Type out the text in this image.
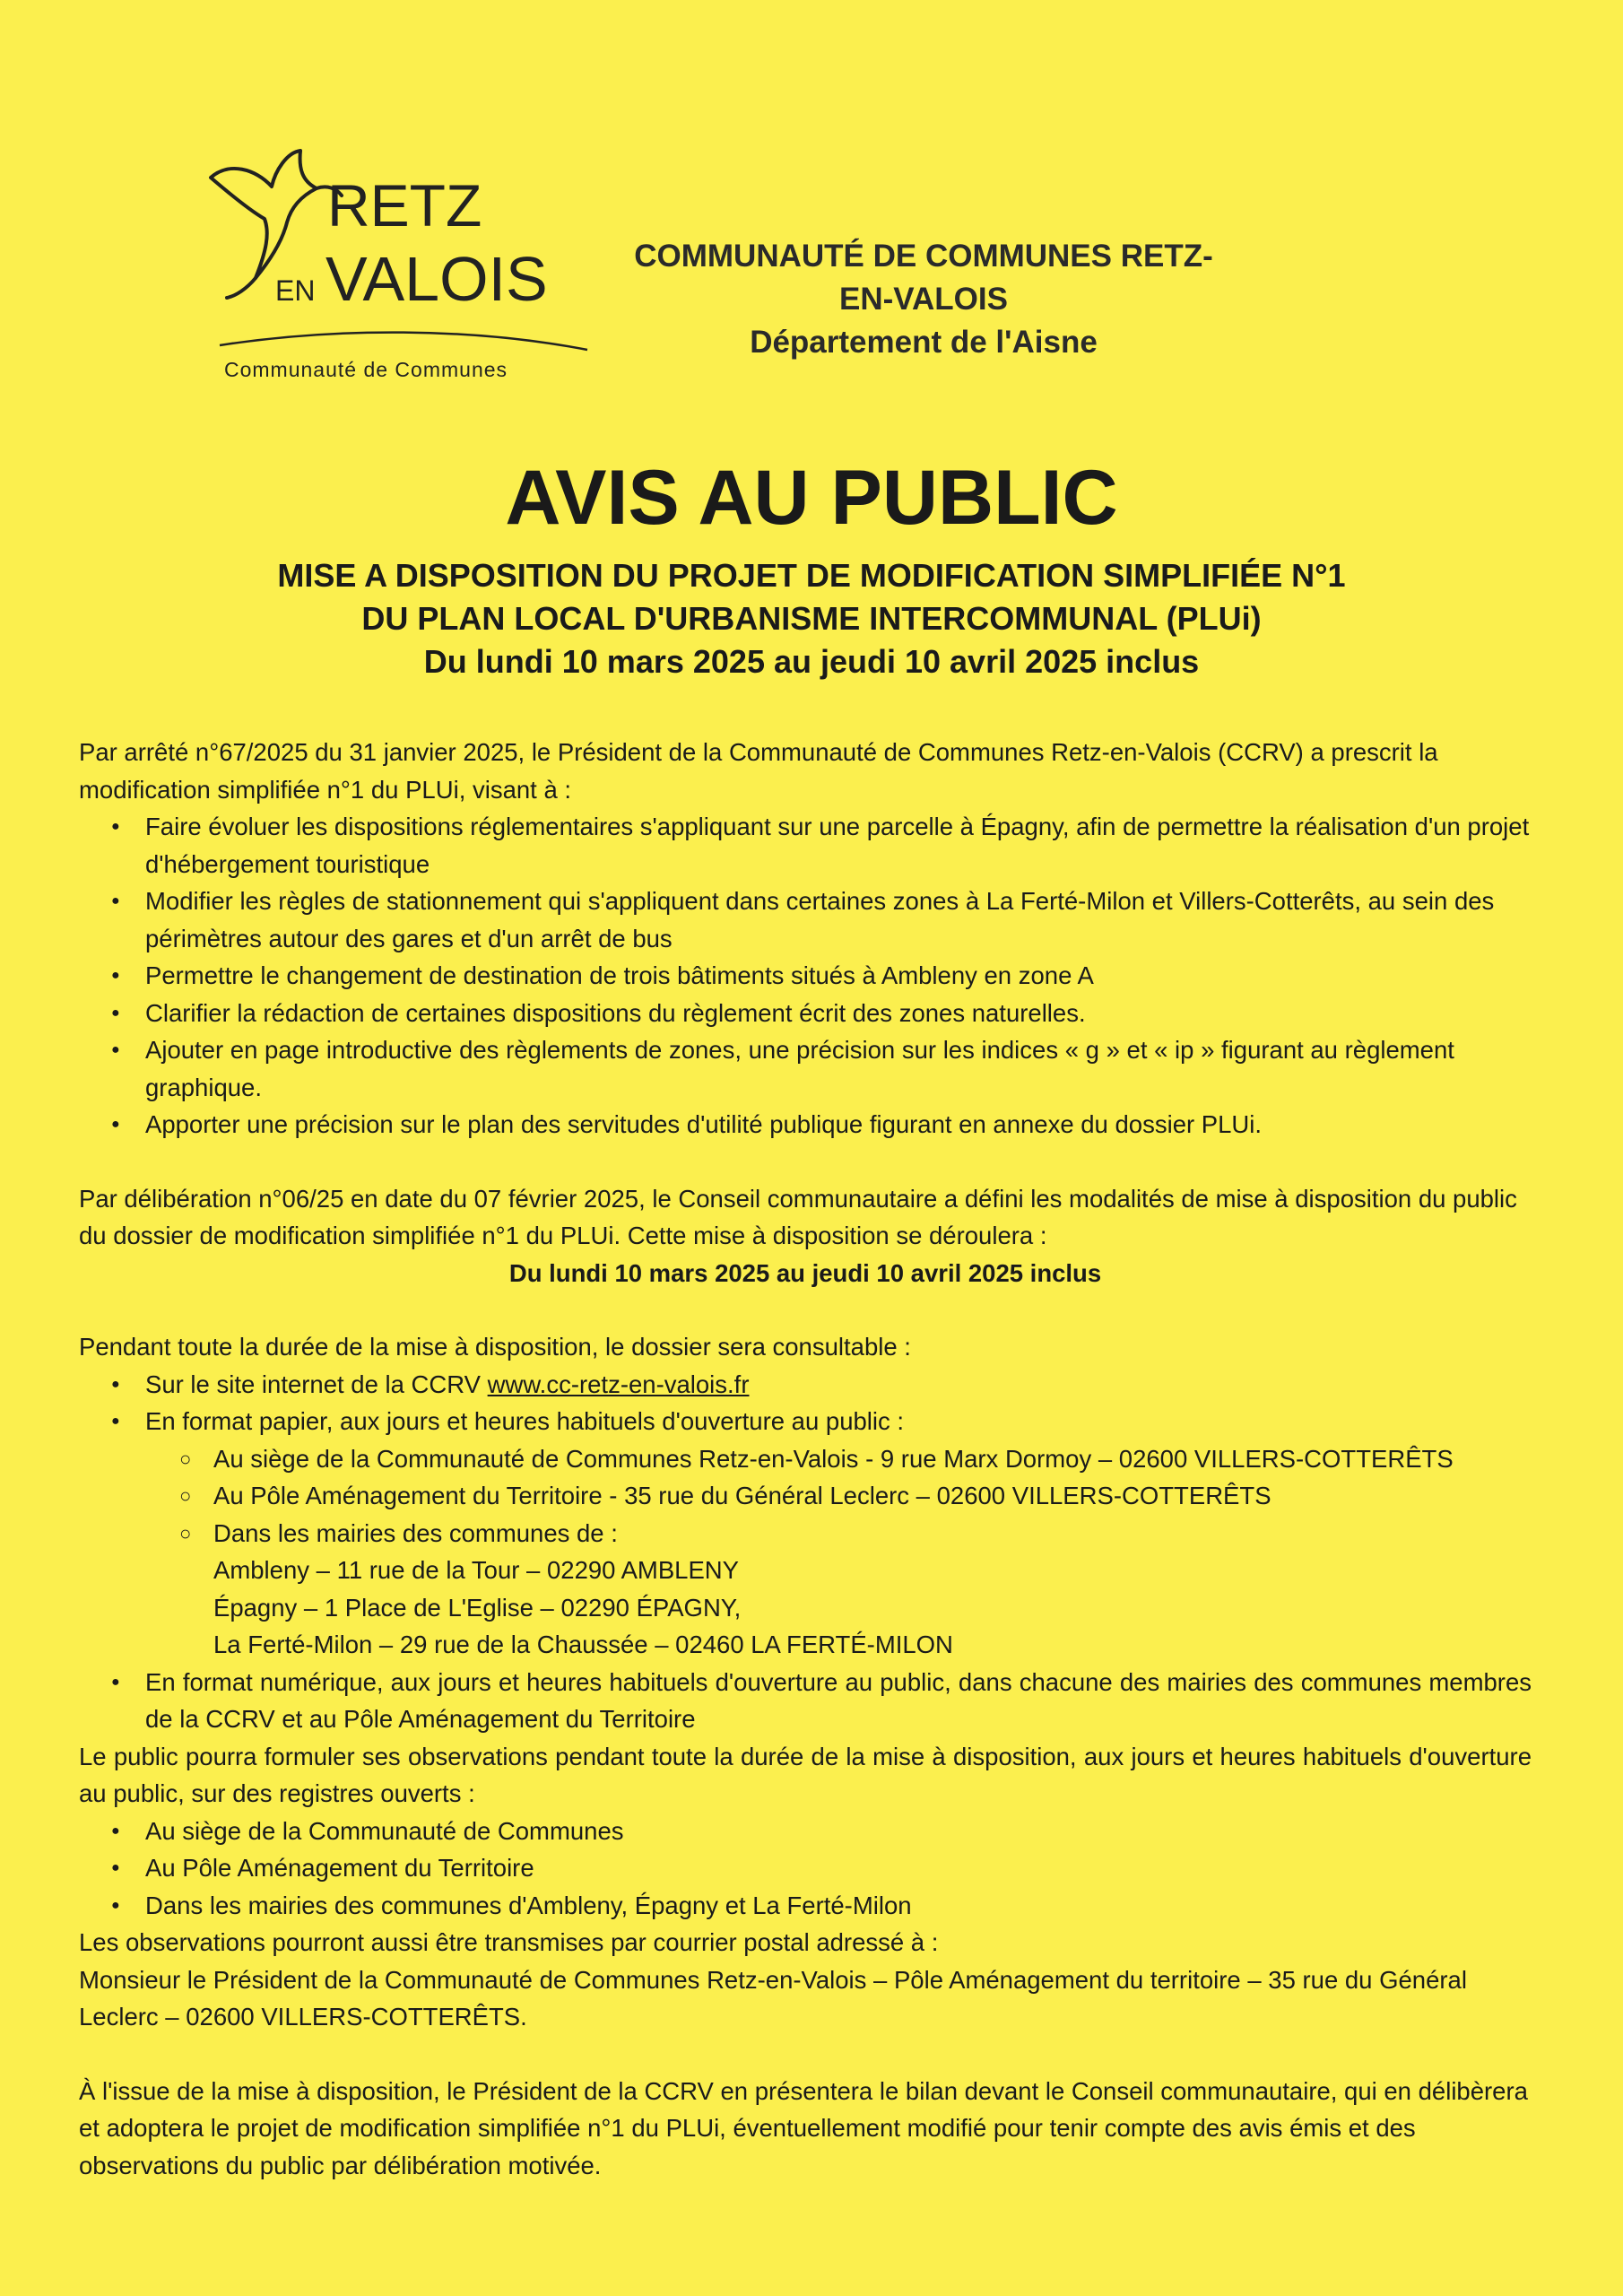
RETZ
EN VALOIS
Communauté de Communes
COMMUNAUTÉ DE COMMUNES RETZ-EN-VALOIS
Département de l'Aisne
AVIS AU PUBLIC
MISE A DISPOSITION DU PROJET DE MODIFICATION SIMPLIFIÉE N°1
DU PLAN LOCAL D'URBANISME INTERCOMMUNAL (PLUi)
Du lundi 10 mars 2025 au jeudi 10 avril 2025 inclus

Par arrêté n°67/2025 du 31 janvier 2025, le Président de la Communauté de Communes Retz-en-Valois (CCRV) a prescrit la modification simplifiée n°1 du PLUi, visant à :

● Faire évoluer les dispositions réglementaires s'appliquant sur une parcelle à Épagny, afin de permettre la réalisation d'un projet d'hébergement touristique
● Modifier les règles de stationnement qui s'appliquent dans certaines zones à La Ferté-Milon et Villers-Cotterêts, au sein des périmètres autour des gares et d'un arrêt de bus
● Permettre le changement de destination de trois bâtiments situés à Ambleny en zone A
● Clarifier la rédaction de certaines dispositions du règlement écrit des zones naturelles.
● Ajouter en page introductive des règlements de zones, une précision sur les indices « g » et « ip » figurant au règlement graphique.
● Apporter une précision sur le plan des servitudes d'utilité publique figurant en annexe du dossier PLUi.

Par délibération n°06/25 en date du 07 février 2025, le Conseil communautaire a défini les modalités de mise à disposition du public du dossier de modification simplifiée n°1 du PLUi. Cette mise à disposition se déroulera :

Du lundi 10 mars 2025 au jeudi 10 avril 2025 inclus

Pendant toute la durée de la mise à disposition, le dossier sera consultable :

● Sur le site internet de la CCRV www.cc-retz-en-valois.fr
● En format papier, aux jours et heures habituels d'ouverture au public :
○ Au siège de la Communauté de Communes Retz-en-Valois - 9 rue Marx Dormoy – 02600 VILLERS-COTTERÊTS
○ Au Pôle Aménagement du Territoire - 35 rue du Général Leclerc – 02600 VILLERS-COTTERÊTS
○ Dans les mairies des communes de :
Ambleny – 11 rue de la Tour – 02290 AMBLENY
Épagny – 1 Place de L'Eglise – 02290 ÉPAGNY,
La Ferté-Milon – 29 rue de la Chaussée – 02460 LA FERTÉ-MILON
● En format numérique, aux jours et heures habituels d'ouverture au public, dans chacune des mairies des communes membres de la CCRV et au Pôle Aménagement du Territoire

Le public pourra formuler ses observations pendant toute la durée de la mise à disposition, aux jours et heures habituels d'ouverture au public, sur des registres ouverts :

● Au siège de la Communauté de Communes
● Au Pôle Aménagement du Territoire
● Dans les mairies des communes d'Ambleny, Épagny et La Ferté-Milon

Les observations pourront aussi être transmises par courrier postal adressé à :

Monsieur le Président de la Communauté de Communes Retz-en-Valois – Pôle Aménagement du territoire – 35 rue du Général Leclerc – 02600 VILLERS-COTTERÊTS.

À l'issue de la mise à disposition, le Président de la CCRV en présentera le bilan devant le Conseil communautaire, qui en délibèrera et adoptera le projet de modification simplifiée n°1 du PLUi, éventuellement modifié pour tenir compte des avis émis et des observations du public par délibération motivée.
